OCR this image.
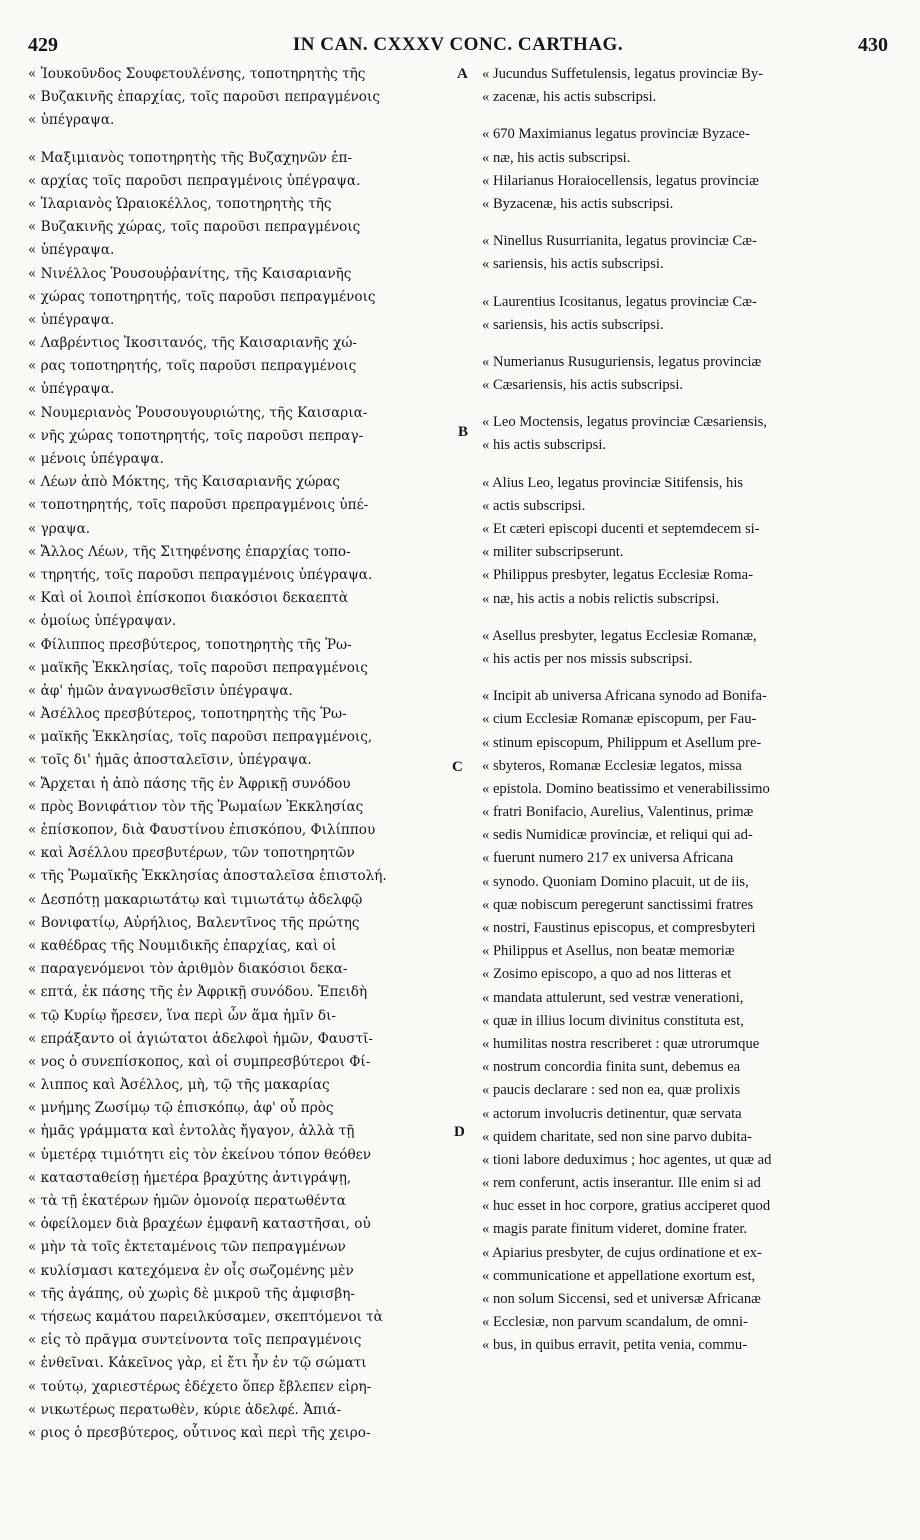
429	IN CAN. CXXXV CONC. CARTHAG.	430
« Ἰουκοῦνδος Σουφετουλένσης, τοποτηρητὴς τῆς
« Βυζακινῆς ἐπαρχίας, τοῖς παροῦσι πεπραγμένοις
« ὑπέγραψα.
« Μαξιμιανὸς τοποτηρητὴς τῆς Βυζαχηνῶν ἐπ-
« αρχίας τοῖς παροῦσι πεπραγμένοις ὑπέγραψα.
« Ἱλαριανὸς Ὡραιοκέλλος, τοποτηρητὴς τῆς
« Βυζακινῆς χώρας, τοῖς παροῦσι πεπραγμένοις
« ὑπέγραψα.
« Νινέλλος Ῥουσουῤῥανίτης, τῆς Καισαριανῆς
« χώρας τοποτηρητής, τοῖς παροῦσι πεπραγμένοις
« ὑπέγραψα.
« Λαβρέντιος Ἰκοσιτανός, τῆς Καισαριανῆς χώ-
« ρας τοποτηρητής, τοῖς παροῦσι πεπραγμένοις
« ὑπέγραψα.
« Νουμεριανὸς Ῥουσουγουριώτης, τῆς Καισαρια-
« νῆς χώρας τοποτηρητής, τοῖς παροῦσι πεπραγ-
« μένοις ὑπέγραψα.
« Λέων ἀπὸ Μόκτης, τῆς Καισαριανῆς χώρας
« τοποτηρητής, τοῖς παροῦσι πρεπραγμένοις ὑπέ-
« γραψα.
« Ἄλλος Λέων, τῆς Σιτηφένσης ἐπαρχίας τοπο-
« τηρητής, τοῖς παροῦσι πεπραγμένοις ὑπέγραψα.
« Καὶ οἱ λοιποὶ ἐπίσκοποι διακόσιοι δεκαεπτὰ
« ὁμοίως ὑπέγραψαν.
« Φίλιππος πρεσβύτερος, τοποτηρητὴς τῆς Ῥω-
« μαϊκῆς Ἐκκλησίας, τοῖς παροῦσι πεπραγμένοις
« ἀφ' ἡμῶν ἀναγνωσθεῖσιν ὑπέγραψα.
« Ἀσέλλος πρεσβύτερος, τοποτηρητὴς τῆς Ῥω-
« μαϊκῆς Ἐκκλησίας, τοῖς παροῦσι πεπραγμένοις,
« τοῖς δι' ἡμᾶς ἀποσταλεῖσιν, ὑπέγραψα.
« Ἄρχεται ἡ ἀπὸ πάσης τῆς ἐν Ἀφρικῇ συνόδου
« πρὸς Βονιφάτιον τὸν τῆς Ῥωμαίων Ἐκκλησίας
« ἐπίσκοπον, διὰ Φαυστίνου ἐπισκόπου, Φιλίππου
« καὶ Ἀσέλλου πρεσβυτέρων, τῶν τοποτηρητῶν
« τῆς Ῥωμαϊκῆς Ἐκκλησίας ἀποσταλεῖσα ἐπιστολή.
« Δεσπότῃ μακαριωτάτῳ καὶ τιμιωτάτῳ ἀδελφῷ
« Βονιφατίῳ, Αὐρήλιος, Βαλεντῖνος τῆς πρώτης
« καθέδρας τῆς Νουμιδικῆς ἐπαρχίας, καὶ οἱ
« παραγενόμενοι τὸν ἀριθμὸν διακόσιοι δεκα-
« επτά, ἐκ πάσης τῆς ἐν Ἀφρικῇ συνόδου. Ἐπειδὴ
« τῷ Κυρίῳ ἤρεσεν, ἵνα περὶ ὧν ἅμα ἡμῖν δι-
« επράξαντο οἱ ἁγιώτατοι ἀδελφοὶ ἡμῶν, Φαυστῖ-
« νος ὁ συνεπίσκοπος, καὶ οἱ συμπρεσβύτεροι Φί-
« λιππος καὶ Ἀσέλλος, μὴ, τῷ τῆς μακαρίας
« μνήμης Ζωσίμῳ τῷ ἐπισκόπῳ, ἀφ' οὗ πρὸς
« ἡμᾶς γράμματα καὶ ἐντολὰς ἤγαγον, ἀλλὰ τῇ
« ὑμετέρᾳ τιμιότητι εἰς τὸν ἐκείνου τόπον θεόθεν
« κατασταθείσῃ ἡμετέρα βραχύτης ἀντιγράψῃ,
« τὰ τῇ ἑκατέρων ἡμῶν ὁμονοίᾳ περατωθέντα
« ὀφείλομεν διὰ βραχέων ἐμφανῆ καταστῆσαι, οὐ
« μὴν τὰ τοῖς ἐκτεταμένοις τῶν πεπραγμένων
« κυλίσμασι κατεχόμενα ἐν οἷς σωζομένης μὲν
« τῆς ἀγάπης, οὐ χωρὶς δὲ μικροῦ τῆς ἀμφισβη-
« τήσεως καμάτου παρειλκύσαμεν, σκεπτόμενοι τὰ
« εἰς τὸ πρᾶγμα συντείνοντα τοῖς πεπραγμένοις
« ἐνθεῖναι. Κἀκεῖνος γὰρ, εἰ ἔτι ἦν ἐν τῷ σώματι
« τούτῳ, χαριεστέρως ἐδέχετο ὅπερ ἔβλεπεν εἰρη-
« νικωτέρως περατωθὲν, κύριε ἀδελφέ. Ἀπιά-
« ριος ὁ πρεσβύτερος, οὗτινος καὶ περὶ τῆς χειρο-
« Jucundus Suffetulensis, legatus provinciæ By-
« zacenæ, his actis subscripsi.
« 670 Maximianus legatus provinciæ Byzace-
« næ, his actis subscripsi.
« Hilarianus Horaiocellensis, legatus provinciæ
« Byzacenæ, his actis subscripsi.
« Ninellus Rusurrianita, legatus provinciæ Cæ-
« sariensis, his actis subscripsi.
« Laurentius Icositanus, legatus provinciæ Cæ-
« sariensis, his actis subscripsi.
« Numerianus Rusuguriensis, legatus provinciæ
« Cæsariensis, his actis subscripsi.
« Leo Moctensis, legatus provinciæ Cæsariensis,
« his actis subscripsi.
« Alius Leo, legatus provinciæ Sitifensis, his
« actis subscripsi.
« Et cæteri episcopi ducenti et septemdecem si-
« militer subscripserunt.
« Philippus presbyter, legatus Ecclesiæ Roma-
« næ, his actis a nobis relictis subscripsi.
« Asellus presbyter, legatus Ecclesiæ Romanæ,
« his actis per nos missis subscripsi.
« Incipit ab universa Africana synodo ad Bonifa-
« cium Ecclesiæ Romanæ episcopum, per Fau-
« stinum episcopum, Philippum et Asellum pre-
« sbyteros, Romanæ Ecclesiæ legatos, missa
« epistola. Domino beatissimo et venerabilissimo
« fratri Bonifacio, Aurelius, Valentinus, primæ
« sedis Numidicæ provinciæ, et reliqui qui ad-
« fuerunt numero 217 ex universa Africana
« synodo. Quoniam Domino placuit, ut de iis,
« quæ nobiscum peregerunt sanctissimi fratres
« nostri, Faustinus episcopus, et compresbyteri
« Philippus et Asellus, non beatæ memoriæ
« Zosimo episcopo, a quo ad nos litteras et
« mandata attulerunt, sed vestræ venerationi,
« quæ in illius locum divinitus constituta est,
« humilitas nostra rescriberet : quæ utrorumque
« nostrum concordia finita sunt, debemus ea
« paucis declarare : sed non ea, quæ prolixis
« actorum involucris detinentur, quæ servata
« quidem charitate, sed non sine parvo dubita-
« tioni labore deduximus ; hoc agentes, ut quæ ad
« rem conferunt, actis inserantur. Ille enim si ad
« huc esset in hoc corpore, gratius acciperet quod
« magis parate finitum videret, domine frater.
« Apiarius presbyter, de cujus ordinatione et ex-
« communicatione et appellatione exortum est,
« non solum Siccensi, sed et universæ Africanæ
« Ecclesiæ, non parvum scandalum, de omni-
« bus, in quibus erravit, petita venia, commu-
A
B
C
D
